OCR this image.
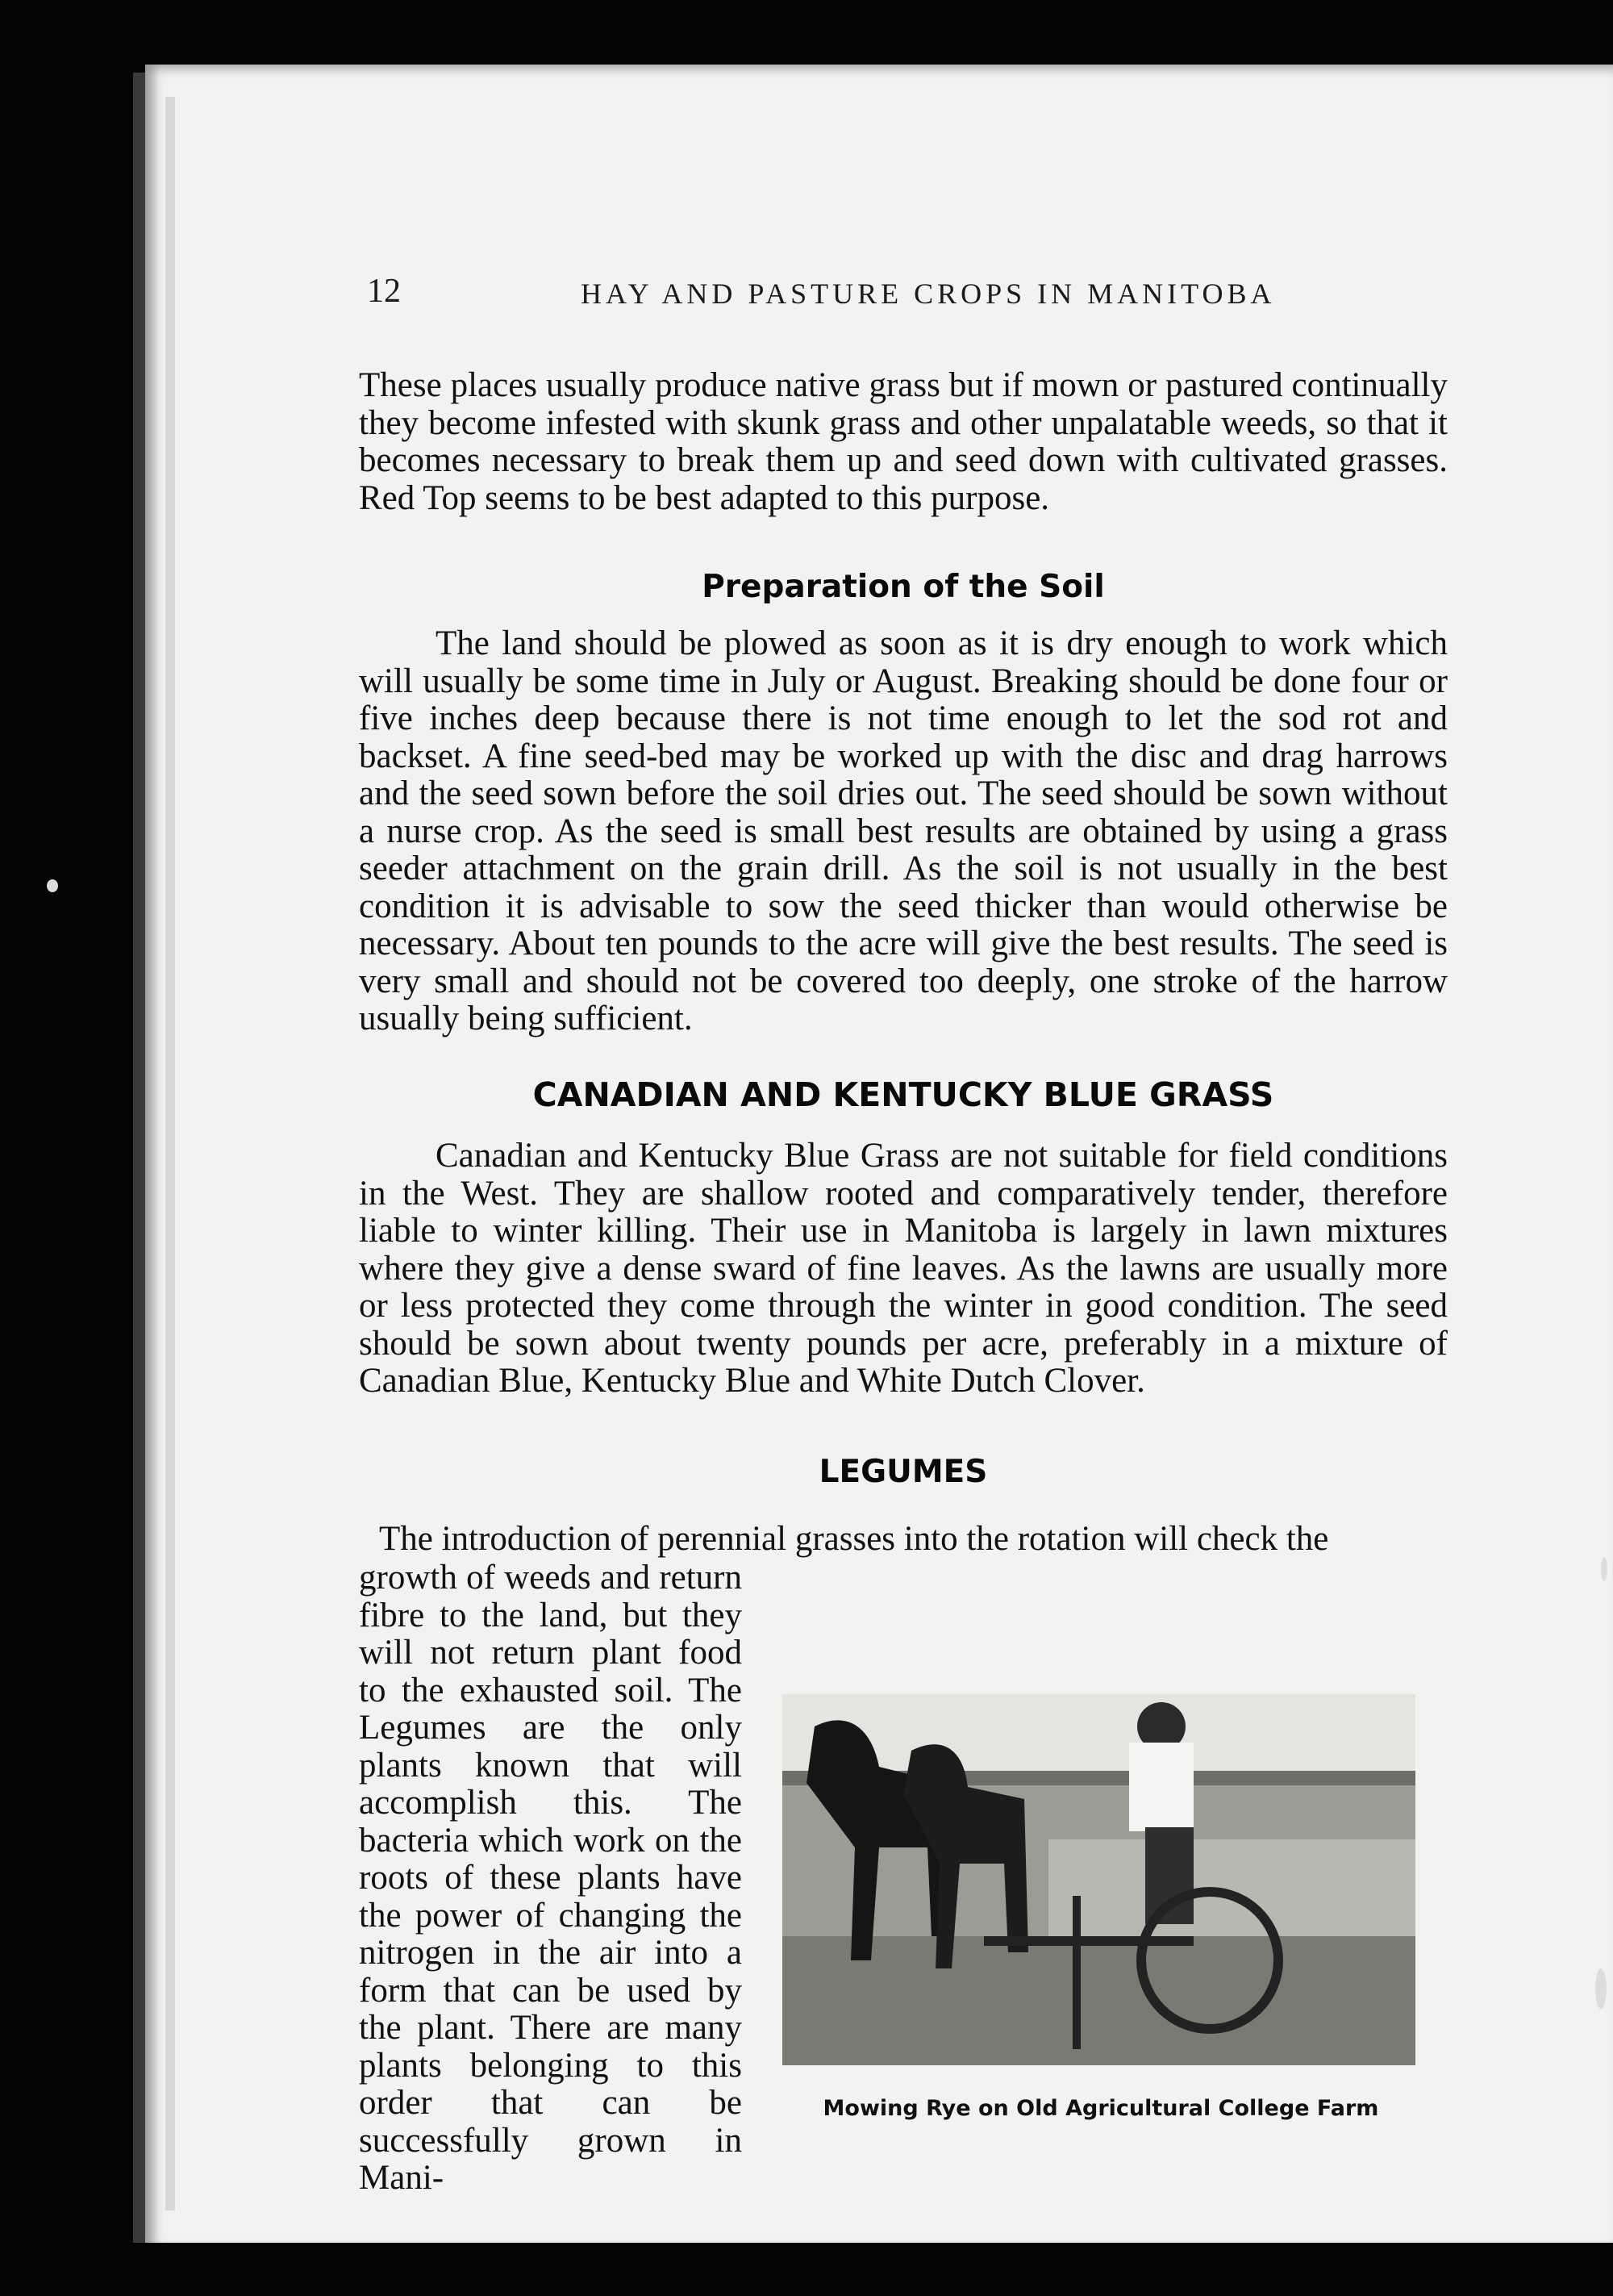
12	HAY AND PASTURE CROPS IN MANITOBA

These places usually produce native grass but if mown or pastured continually they become infested with skunk grass and other unpalatable weeds, so that it becomes necessary to break them up and seed down with cultivated grasses. Red Top seems to be best adapted to this purpose.

Preparation of the Soil

The land should be plowed as soon as it is dry enough to work which will usually be some time in July or August. Breaking should be done four or five inches deep because there is not time enough to let the sod rot and backset. A fine seed-bed may be worked up with the disc and drag harrows and the seed sown before the soil dries out. The seed should be sown without a nurse crop. As the seed is small best results are obtained by using a grass seeder attachment on the grain drill. As the soil is not usually in the best condition it is advisable to sow the seed thicker than would otherwise be necessary. About ten pounds to the acre will give the best results. The seed is very small and should not be covered too deeply, one stroke of the harrow usually being sufficient.

CANADIAN AND KENTUCKY BLUE GRASS

Canadian and Kentucky Blue Grass are not suitable for field conditions in the West. They are shallow rooted and comparatively tender, therefore liable to winter killing. Their use in Manitoba is largely in lawn mixtures where they give a dense sward of fine leaves. As the lawns are usually more or less protected they come through the winter in good condition. The seed should be sown about twenty pounds per acre, preferably in a mixture of Canadian Blue, Kentucky Blue and White Dutch Clover.

LEGUMES

The introduction of perennial grasses into the rotation will check the

growth of weeds and return fibre to the land, but they will not return plant food to the exhausted soil. The Legumes are the only plants known that will accomplish this. The bacteria which work on the roots of these plants have the power of changing the nitrogen in the air into a form that can be used by the plant. There are many plants belonging to this order that can be successfully grown in Mani-

Mowing Rye on Old Agricultural College Farm
